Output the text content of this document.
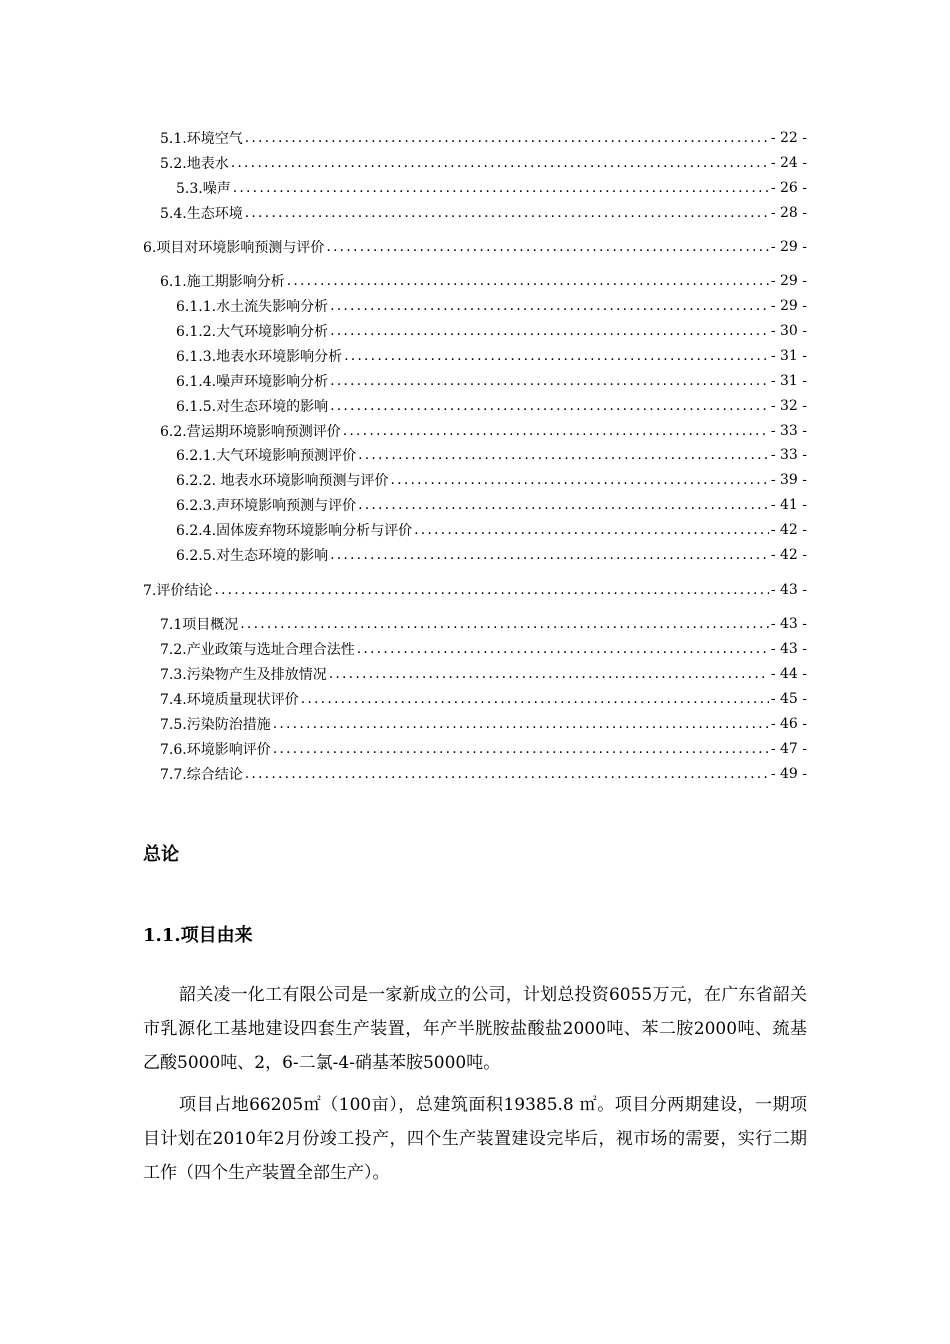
5.1.环境空气 .....	- 22 -
5.2.地表水 .....	- 24 -
5.3.噪声 .....	- 26 -
5.4.生态环境 .....	- 28 -
6.项目对环境影响预测与评价 .....	- 29 -
6.1.施工期影响分析 .....	- 29 -
6.1.1.水土流失影响分析 .....	- 29 -
6.1.2.大气环境影响分析 .....	- 30 -
6.1.3.地表水环境影响分析 .....	- 31 -
6.1.4.噪声环境影响分析 .....	- 31 -
6.1.5.对生态环境的影响 .....	- 32 -
6.2.营运期环境影响预测评价 .....	- 33 -
6.2.1.大气环境影响预测评价 .....	- 33 -
6.2.2. 地表水环境影响预测与评价 .....	- 39 -
6.2.3.声环境影响预测与评价 .....	- 41 -
6.2.4.固体废弃物环境影响分析与评价 .....	- 42 -
6.2.5.对生态环境的影响 .....	- 42 -
7.评价结论 .....	- 43 -
7.1项目概况 .....	- 43 -
7.2.产业政策与选址合理合法性 .....	- 43 -
7.3.污染物产生及排放情况 .....	- 44 -
7.4.环境质量现状评价 .....	- 45 -
7.5.污染防治措施 .....	- 46 -
7.6.环境影响评价 .....	- 47 -
7.7.综合结论 .....	- 49 -
总论
1.1.项目由来

韶关凌一化工有限公司是一家新成立的公司，计划总投资6055万元，在广东省韶关市乳源化工基地建设四套生产装置，年产半胱胺盐酸盐2000吨、苯二胺2000吨、巯基乙酸5000吨、2，6-二氯-4-硝基苯胺5000吨。

项目占地66205㎡（100亩），总建筑面积19385.8 ㎡。项目分两期建设，一期项目计划在2010年2月份竣工投产，四个生产装置建设完毕后，视市场的需要，实行二期工作（四个生产装置全部生产）。
